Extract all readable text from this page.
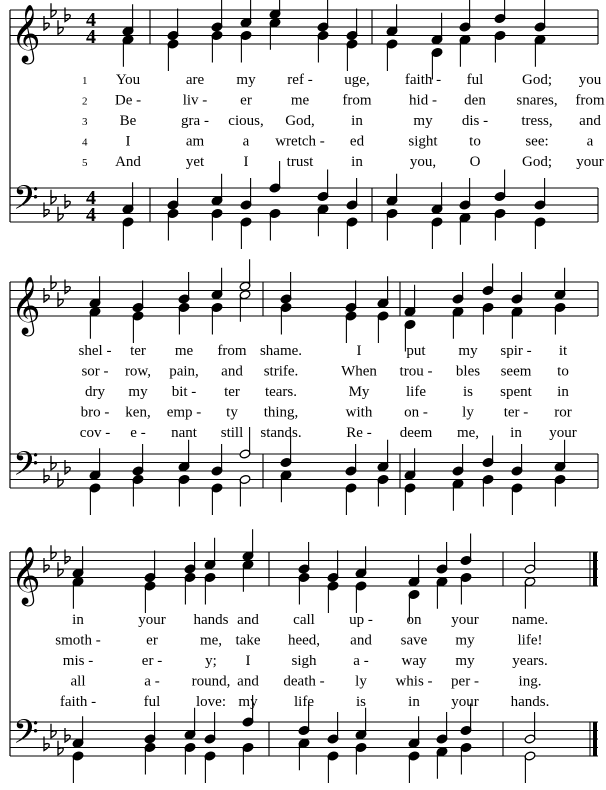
𝄞
𝄢
4
4
4
4
1 You	are my ref - uge, faith - ful	God; you
2 De -	liv - er	me from hid - den snares, from
3 Be	gra - cious, God, in	my dis - tress, and
4	I	am	a wretch - ed	sight to	see:	a
5 And	yet	I	trust	in	you, O	God; your
𝄞
𝄢
shel - ter me from shame.	I	put my spir - it
sor - row, pain, and strife.	When trou - bles seem to
dry my bit - ter tears.	My life is spent in
bro - ken, emp - ty thing,	with on - ly ter - ror
cov - e - nant still stands.	Re - deem me, in your
𝄞
𝄢
in	your hands and call up - on your name.
smoth -	er	me, take heed, and save my	life!
mis -	er -	y; I	sigh a - way my	years.
all	a - round, and death - ly whis - per -	ing.
faith -	ful love: my life	is	in your hands.
